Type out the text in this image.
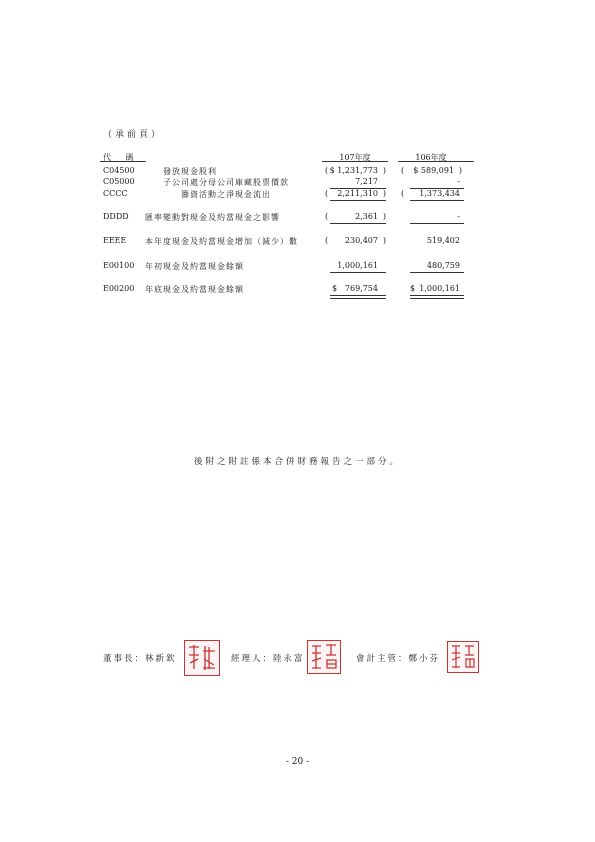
（承前頁）
代 碼	107年度	106年度
C04500	發放現金股利	( $ 1,231,773 ) ( $ 589,091 )
C05000	子公司處分母公司庫藏股票價款	7,217	-
CCCC	籌資活動之淨現金流出	( 2,211,310 ) ( 1,373,434
DDDD 匯率變動對現金及約當現金之影響	(	2,361 )	-
EEEE 本年度現金及約當現金增加（減少）數	( 230,407 )	519,402
E00100 年初現金及約當現金餘額	1,000,161	480,759
E00200 年底現金及約當現金餘額	$ 769,754	$ 1,000,161
後附之附註係本合併財務報告之一部分。
董事長：林新欽	經理人：陸永富	會計主管：鄭小芬
- 20 -
